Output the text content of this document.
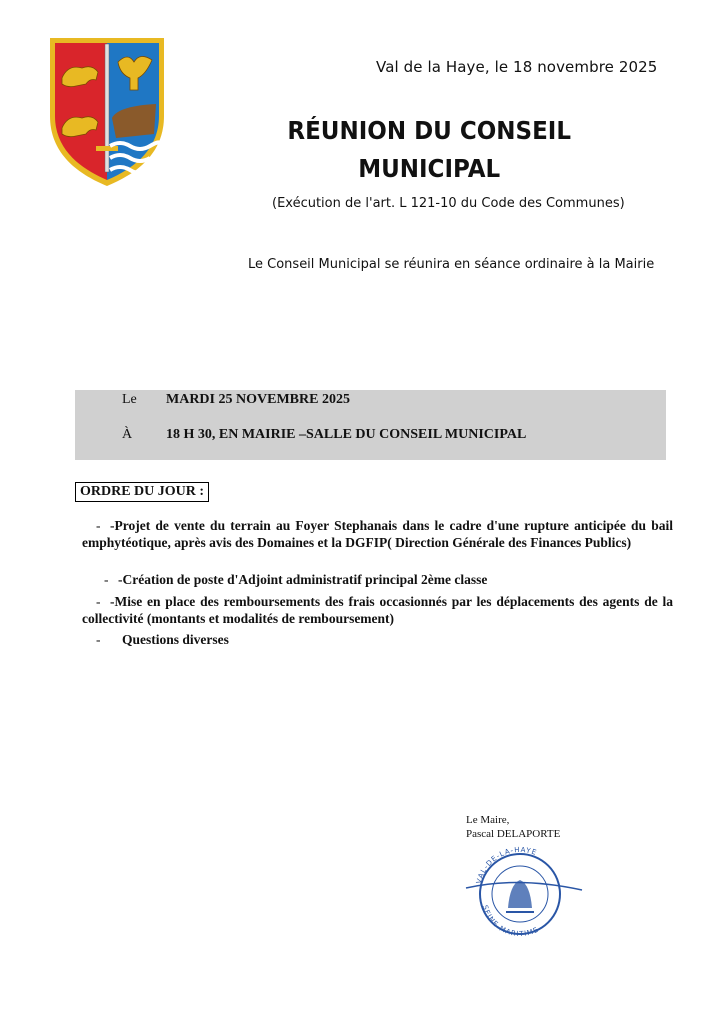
Val de la Haye, le 18 novembre 2025
RÉUNION DU CONSEIL
MUNICIPAL
(Exécution de l'art. L 121-10 du Code des Communes)
Le Conseil Municipal se réunira en séance ordinaire à la Mairie
Le MARDI 25 NOVEMBRE 2025
À 18 H 30, EN MAIRIE –SALLE DU CONSEIL MUNICIPAL
ORDRE DU JOUR :
- -Projet de vente du terrain au Foyer Stephanais dans le cadre d'une rupture anticipée du bail emphytéotique, après avis des Domaines et la DGFIP( Direction Générale des Finances Publics)
- -Création de poste d'Adjoint administratif principal 2ème classe
- -Mise en place des remboursements des frais occasionnés par les déplacements des agents de la collectivité (montants et modalités de remboursement)
- Questions diverses
Le Maire,
Pascal DELAPORTE
VAL-DE-LA-HAYE
SEINE-MARITIME
